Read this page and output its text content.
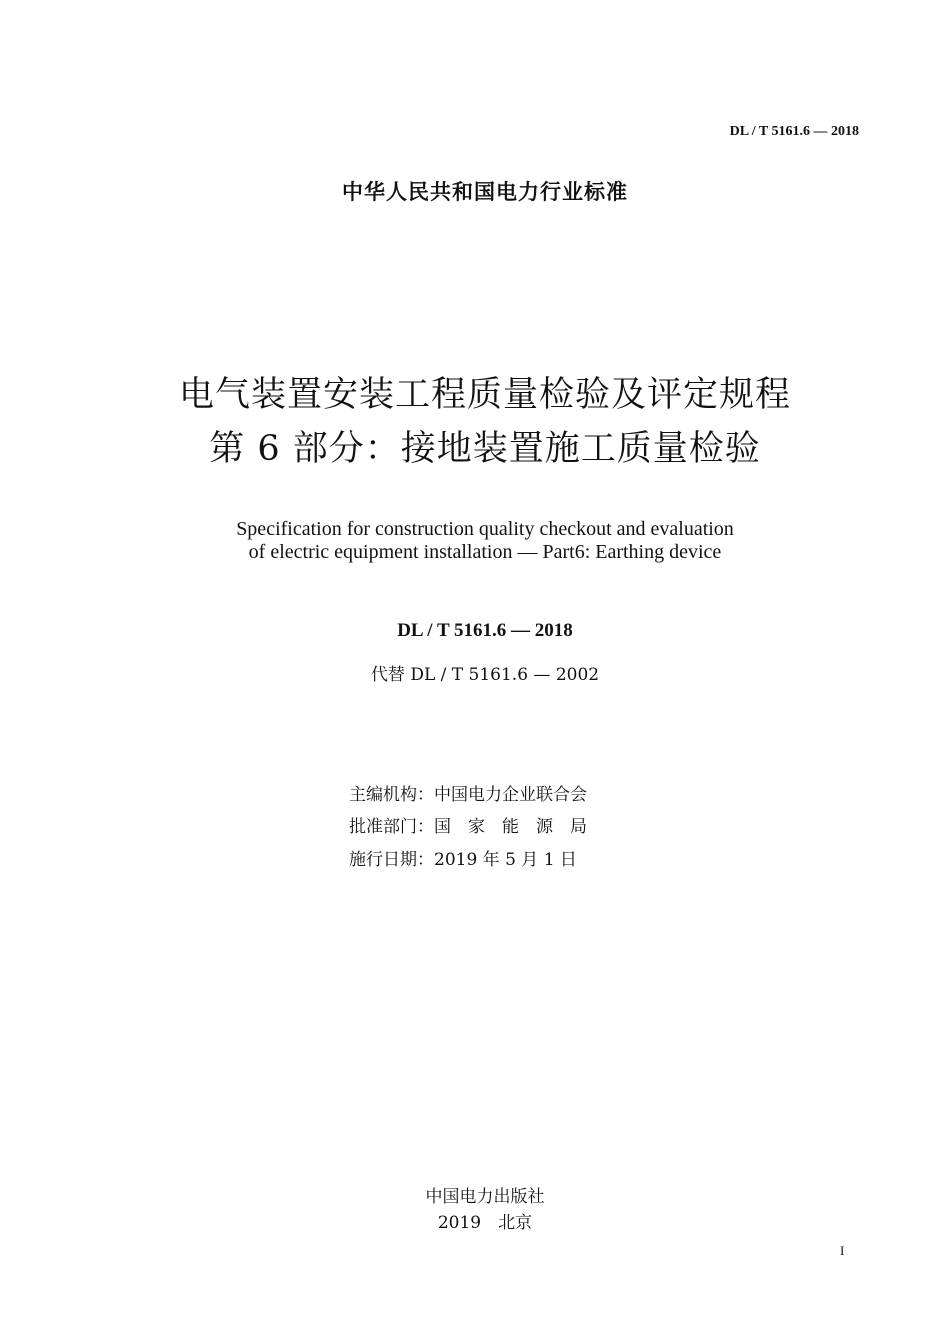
DL / T 5161.6 — 2018
中华人民共和国电力行业标准
电气装置安装工程质量检验及评定规程
第 6 部分：接地装置施工质量检验
Specification for construction quality checkout and evaluation
of electric equipment installation — Part6: Earthing device
DL / T 5161.6 — 2018
代替 DL / T 5161.6 — 2002
主编机构：中国电力企业联合会
批准部门：国　家　能　源　局
施行日期：2019 年 5 月 1 日
中国电力出版社
2019　北京
I
